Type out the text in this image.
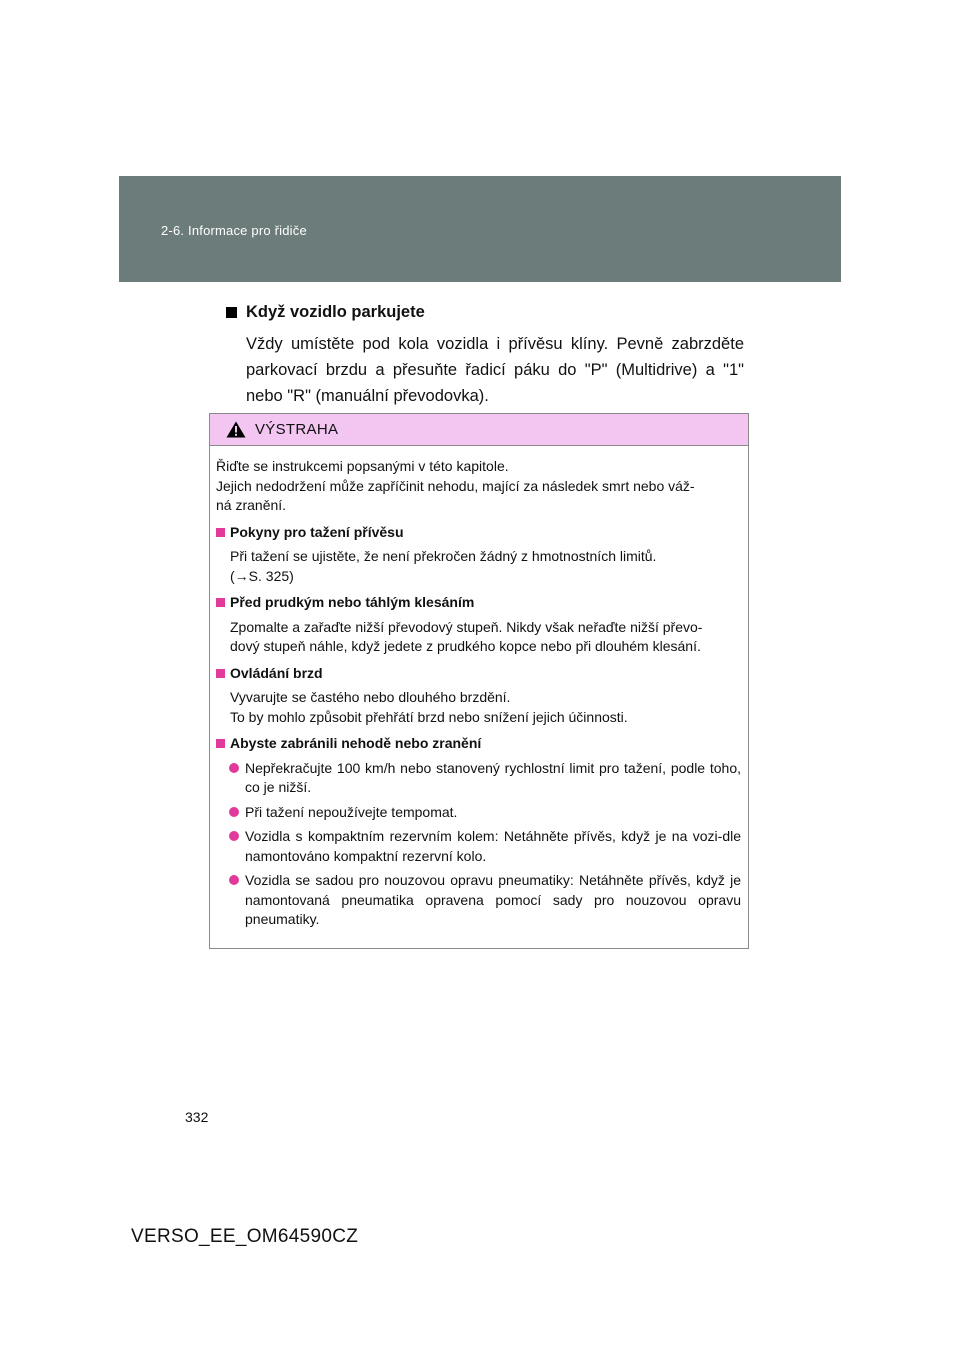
2-6. Informace pro řidiče
Když vozidlo parkujete
Vždy umístěte pod kola vozidla i přívěsu klíny. Pevně zabrzděte parkovací brzdu a přesuňte řadicí páku do "P" (Multidrive) a "1" nebo "R" (manuální převodovka).
VÝSTRAHA

Řiďte se instrukcemi popsanými v této kapitole.

Jejich nedodržení může zapříčinit nehodu, mající za následek smrt nebo váž-

ná zranění.

Pokyny pro tažení přívěsu

Při tažení se ujistěte, že není překročen žádný z hmotnostních limitů.

(→S. 325)

Před prudkým nebo táhlým klesáním

Zpomalte a zařaďte nižší převodový stupeň. Nikdy však neřaďte nižší převo-

dový stupeň náhle, když jedete z prudkého kopce nebo při dlouhém klesání.

Ovládání brzd

Vyvarujte se častého nebo dlouhého brzdění.

To by mohlo způsobit přehřátí brzd nebo snížení jejich účinnosti.

Abyste zabránili nehodě nebo zranění
Nepřekračujte 100 km/h nebo stanovený rychlostní limit pro tažení, podle toho, co je nižší.
Při tažení nepoužívejte tempomat.
Vozidla s kompaktním rezervním kolem: Netáhněte přívěs, když je na vozi-dle namontováno kompaktní rezervní kolo.
Vozidla se sadou pro nouzovou opravu pneumatiky: Netáhněte přívěs, když je namontovaná pneumatika opravena pomocí sady pro nouzovou opravu pneumatiky.
332
VERSO_EE_OM64590CZ
